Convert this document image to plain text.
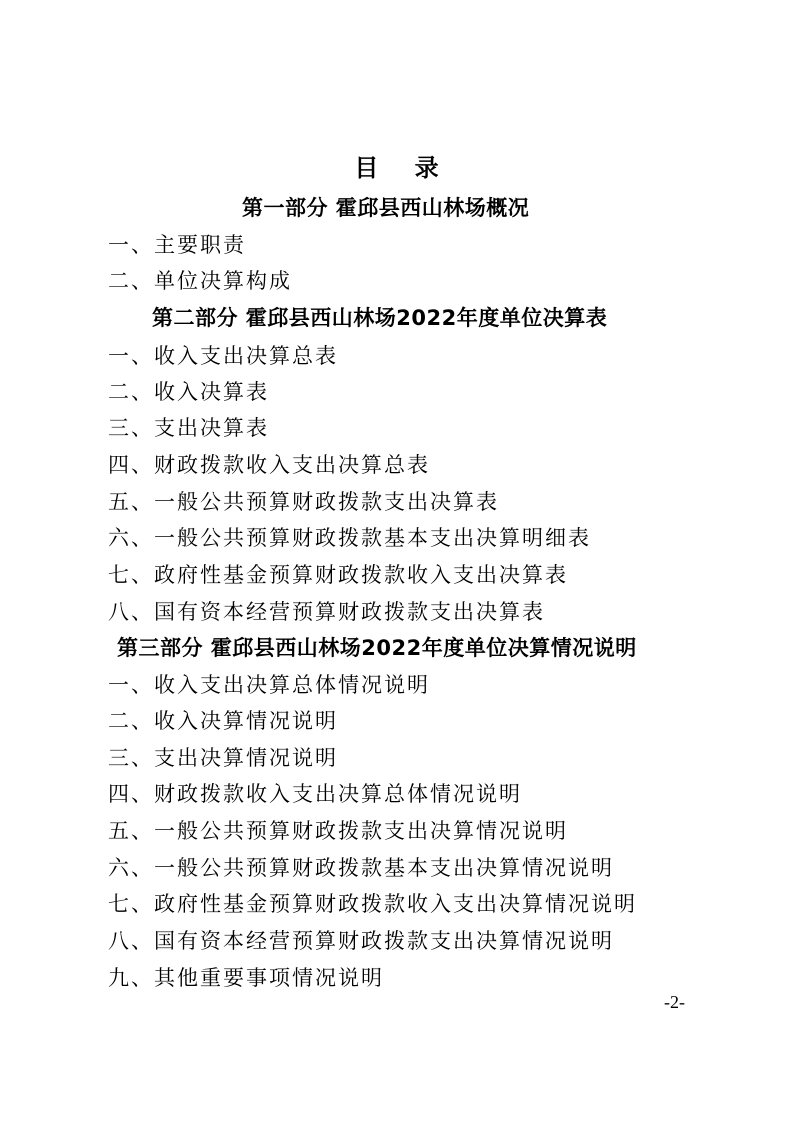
目 录
第一部分 霍邱县西山林场概况
一、主要职责
二、单位决算构成
第二部分 霍邱县西山林场2022年度单位决算表
一、收入支出决算总表
二、收入决算表
三、支出决算表
四、财政拨款收入支出决算总表
五、一般公共预算财政拨款支出决算表
六、一般公共预算财政拨款基本支出决算明细表
七、政府性基金预算财政拨款收入支出决算表
八、国有资本经营预算财政拨款支出决算表
第三部分 霍邱县西山林场2022年度单位决算情况说明
一、收入支出决算总体情况说明
二、收入决算情况说明
三、支出决算情况说明
四、财政拨款收入支出决算总体情况说明
五、一般公共预算财政拨款支出决算情况说明
六、一般公共预算财政拨款基本支出决算情况说明
七、政府性基金预算财政拨款收入支出决算情况说明
八、国有资本经营预算财政拨款支出决算情况说明
九、其他重要事项情况说明
-2-
